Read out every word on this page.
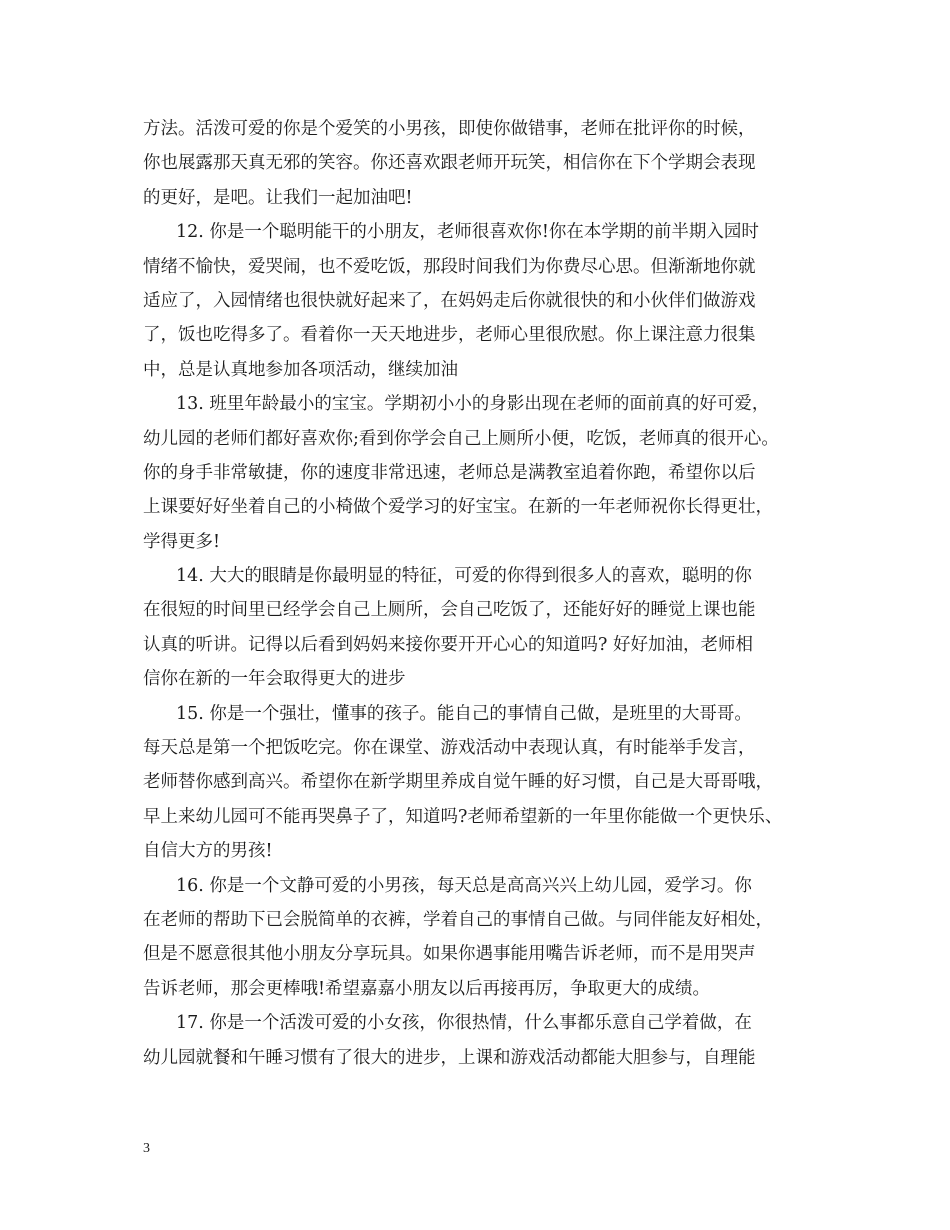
方法。活泼可爱的你是个爱笑的小男孩，即使你做错事，老师在批评你的时候，
你也展露那天真无邪的笑容。你还喜欢跟老师开玩笑，相信你在下个学期会表现
的更好，是吧。让我们一起加油吧!
12. 你是一个聪明能干的小朋友，老师很喜欢你!你在本学期的前半期入园时
情绪不愉快，爱哭闹，也不爱吃饭，那段时间我们为你费尽心思。但渐渐地你就
适应了，入园情绪也很快就好起来了，在妈妈走后你就很快的和小伙伴们做游戏
了，饭也吃得多了。看着你一天天地进步，老师心里很欣慰。你上课注意力很集
中，总是认真地参加各项活动，继续加油
13. 班里年龄最小的宝宝。学期初小小的身影出现在老师的面前真的好可爱，
幼儿园的老师们都好喜欢你;看到你学会自己上厕所小便，吃饭，老师真的很开心。
你的身手非常敏捷，你的速度非常迅速，老师总是满教室追着你跑，希望你以后
上课要好好坐着自己的小椅做个爱学习的好宝宝。在新的一年老师祝你长得更壮，
学得更多!
14. 大大的眼睛是你最明显的特征，可爱的你得到很多人的喜欢，聪明的你
在很短的时间里已经学会自己上厕所，会自己吃饭了，还能好好的睡觉上课也能
认真的听讲。记得以后看到妈妈来接你要开开心心的知道吗? 好好加油，老师相
信你在新的一年会取得更大的进步
15. 你是一个强壮，懂事的孩子。能自己的事情自己做，是班里的大哥哥。
每天总是第一个把饭吃完。你在课堂、游戏活动中表现认真，有时能举手发言，
老师替你感到高兴。希望你在新学期里养成自觉午睡的好习惯，自己是大哥哥哦，
早上来幼儿园可不能再哭鼻子了，知道吗?老师希望新的一年里你能做一个更快乐、
自信大方的男孩!
16. 你是一个文静可爱的小男孩，每天总是高高兴兴上幼儿园，爱学习。你
在老师的帮助下已会脱简单的衣裤，学着自己的事情自己做。与同伴能友好相处，
但是不愿意很其他小朋友分享玩具。如果你遇事能用嘴告诉老师，而不是用哭声
告诉老师，那会更棒哦!希望嘉嘉小朋友以后再接再厉，争取更大的成绩。
17. 你是一个活泼可爱的小女孩，你很热情，什么事都乐意自己学着做，在
幼儿园就餐和午睡习惯有了很大的进步，上课和游戏活动都能大胆参与，自理能
3
